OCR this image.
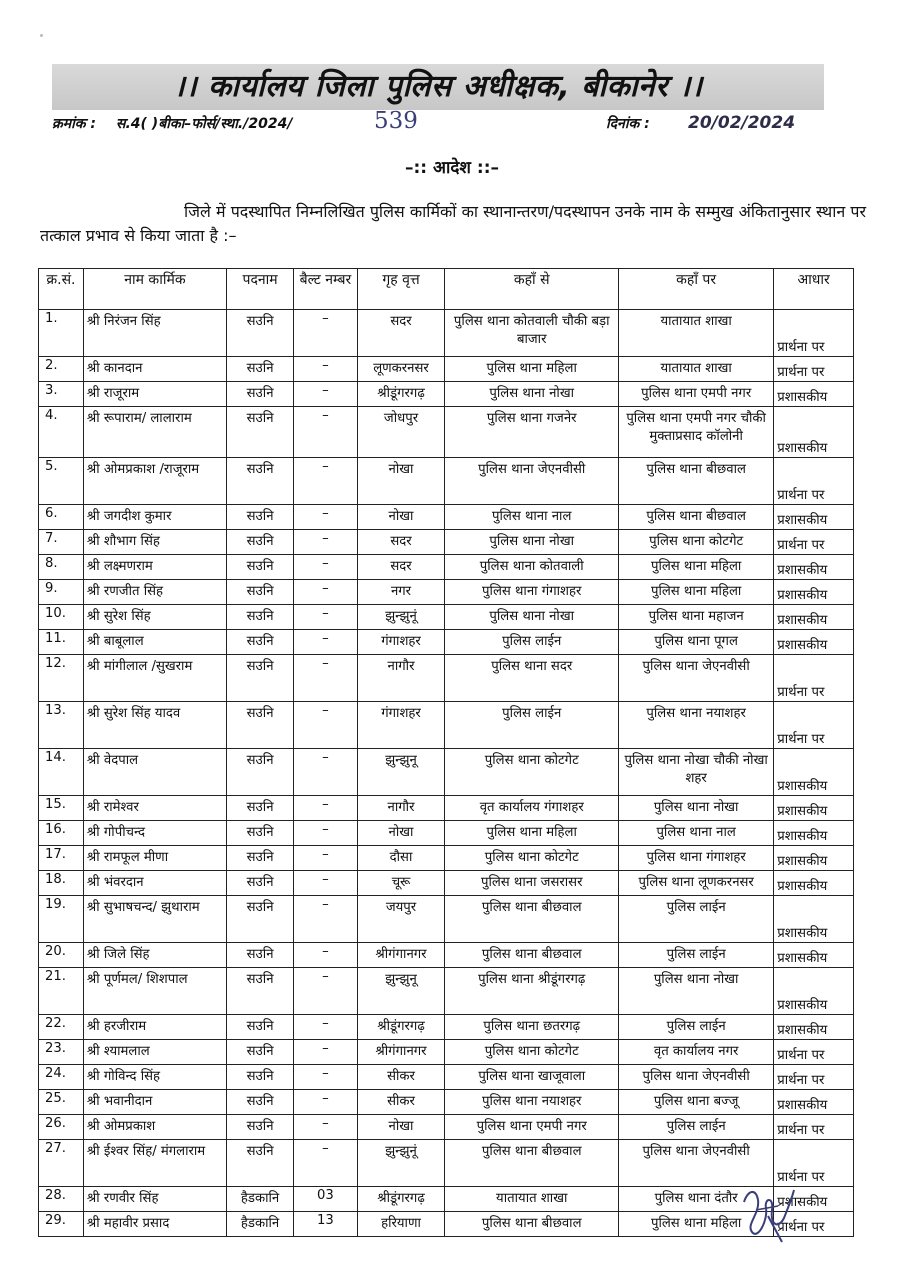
।। कार्यालय जिला पुलिस अधीक्षक, बीकानेर ।।
क्रमांक : स.4( )बीका–फोर्स/स्था./2024/	539	दिनांक : 20/02/2024
–:: आदेश ::–
जिले में पदस्थापित निम्नलिखित पुलिस कार्मिकों का स्थानान्तरण/पदस्थापन उनके नाम के सम्मुख अंकितानुसार स्थान पर तत्काल प्रभाव से किया जाता है :–
क्र.सं.	नाम कार्मिक	पदनाम	बैल्ट नम्बर	गृह वृत्त	कहाँ से	कहाँ पर	आधार
1.	श्री निरंजन सिंह	सउनि	–	सदर	पुलिस थाना कोतवाली चौकी बड़ा बाजार	यातायात शाखा	प्रार्थना पर
2.	श्री कानदान	सउनि	–	लूणकरनसर	पुलिस थाना महिला	यातायात शाखा	प्रार्थना पर
3.	श्री राजूराम	सउनि	–	श्रीडूंगरगढ़	पुलिस थाना नोखा	पुलिस थाना एमपी नगर	प्रशासकीय
4.	श्री रूपाराम/ लालाराम	सउनि	–	जोधपुर	पुलिस थाना गजनेर	पुलिस थाना एमपी नगर चौकी मुक्ताप्रसाद कॉलोनी	प्रशासकीय
5.	श्री ओमप्रकाश /राजूराम	सउनि	–	नोखा	पुलिस थाना जेएनवीसी	पुलिस थाना बीछवाल	प्रार्थना पर
6.	श्री जगदीश कुमार	सउनि	–	नोखा	पुलिस थाना नाल	पुलिस थाना बीछवाल	प्रशासकीय
7.	श्री शौभाग सिंह	सउनि	–	सदर	पुलिस थाना नोखा	पुलिस थाना कोटगेट	प्रार्थना पर
8.	श्री लक्ष्मणराम	सउनि	–	सदर	पुलिस थाना कोतवाली	पुलिस थाना महिला	प्रशासकीय
9.	श्री रणजीत सिंह	सउनि	–	नगर	पुलिस थाना गंगाशहर	पुलिस थाना महिला	प्रशासकीय
10.	श्री सुरेश सिंह	सउनि	–	झुन्झुनूं	पुलिस थाना नोखा	पुलिस थाना महाजन	प्रशासकीय
11.	श्री बाबूलाल	सउनि	–	गंगाशहर	पुलिस लाईन	पुलिस थाना पूगल	प्रशासकीय
12.	श्री मांगीलाल /सुखराम	सउनि	–	नागौर	पुलिस थाना सदर	पुलिस थाना जेएनवीसी	प्रार्थना पर
13.	श्री सुरेश सिंह यादव	सउनि	–	गंगाशहर	पुलिस लाईन	पुलिस थाना नयाशहर	प्रार्थना पर
14.	श्री वेदपाल	सउनि	–	झुन्झुनू	पुलिस थाना कोटगेट	पुलिस थाना नोखा चौकी नोखा शहर	प्रशासकीय
15.	श्री रामेश्वर	सउनि	–	नागौर	वृत कार्यालय गंगाशहर	पुलिस थाना नोखा	प्रशासकीय
16.	श्री गोपीचन्द	सउनि	–	नोखा	पुलिस थाना महिला	पुलिस थाना नाल	प्रशासकीय
17.	श्री रामफूल मीणा	सउनि	–	दौसा	पुलिस थाना कोटगेट	पुलिस थाना गंगाशहर	प्रशासकीय
18.	श्री भंवरदान	सउनि	–	चूरू	पुलिस थाना जसरासर	पुलिस थाना लूणकरनसर	प्रशासकीय
19.	श्री सुभाषचन्द/ झुथाराम	सउनि	–	जयपुर	पुलिस थाना बीछवाल	पुलिस लाईन	प्रशासकीय
20.	श्री जिले सिंह	सउनि	–	श्रीगंगानगर	पुलिस थाना बीछवाल	पुलिस लाईन	प्रशासकीय
21.	श्री पूर्णमल/ शिशपाल	सउनि	–	झुन्झुनू	पुलिस थाना श्रीडूंगरगढ़	पुलिस थाना नोखा	प्रशासकीय
22.	श्री हरजीराम	सउनि	–	श्रीडूंगरगढ़	पुलिस थाना छतरगढ़	पुलिस लाईन	प्रशासकीय
23.	श्री श्यामलाल	सउनि	–	श्रीगंगानगर	पुलिस थाना कोटगेट	वृत कार्यालय नगर	प्रार्थना पर
24.	श्री गोविन्द सिंह	सउनि	–	सीकर	पुलिस थाना खाजूवाला	पुलिस थाना जेएनवीसी	प्रार्थना पर
25.	श्री भवानीदान	सउनि	–	सीकर	पुलिस थाना नयाशहर	पुलिस थाना बज्जू	प्रशासकीय
26.	श्री ओमप्रकाश	सउनि	–	नोखा	पुलिस थाना एमपी नगर	पुलिस लाईन	प्रार्थना पर
27.	श्री ईश्वर सिंह/ मंगलाराम	सउनि	–	झुन्झुनूं	पुलिस थाना बीछवाल	पुलिस थाना जेएनवीसी	प्रार्थना पर
28.	श्री रणवीर सिंह	हैडकानि	03	श्रीडूंगरगढ़	यातायात शाखा	पुलिस थाना दंतौर	प्रशासकीय
29.	श्री महावीर प्रसाद	हैडकानि	13	हरियाणा	पुलिस थाना बीछवाल	पुलिस थाना महिला	प्रार्थना पर
